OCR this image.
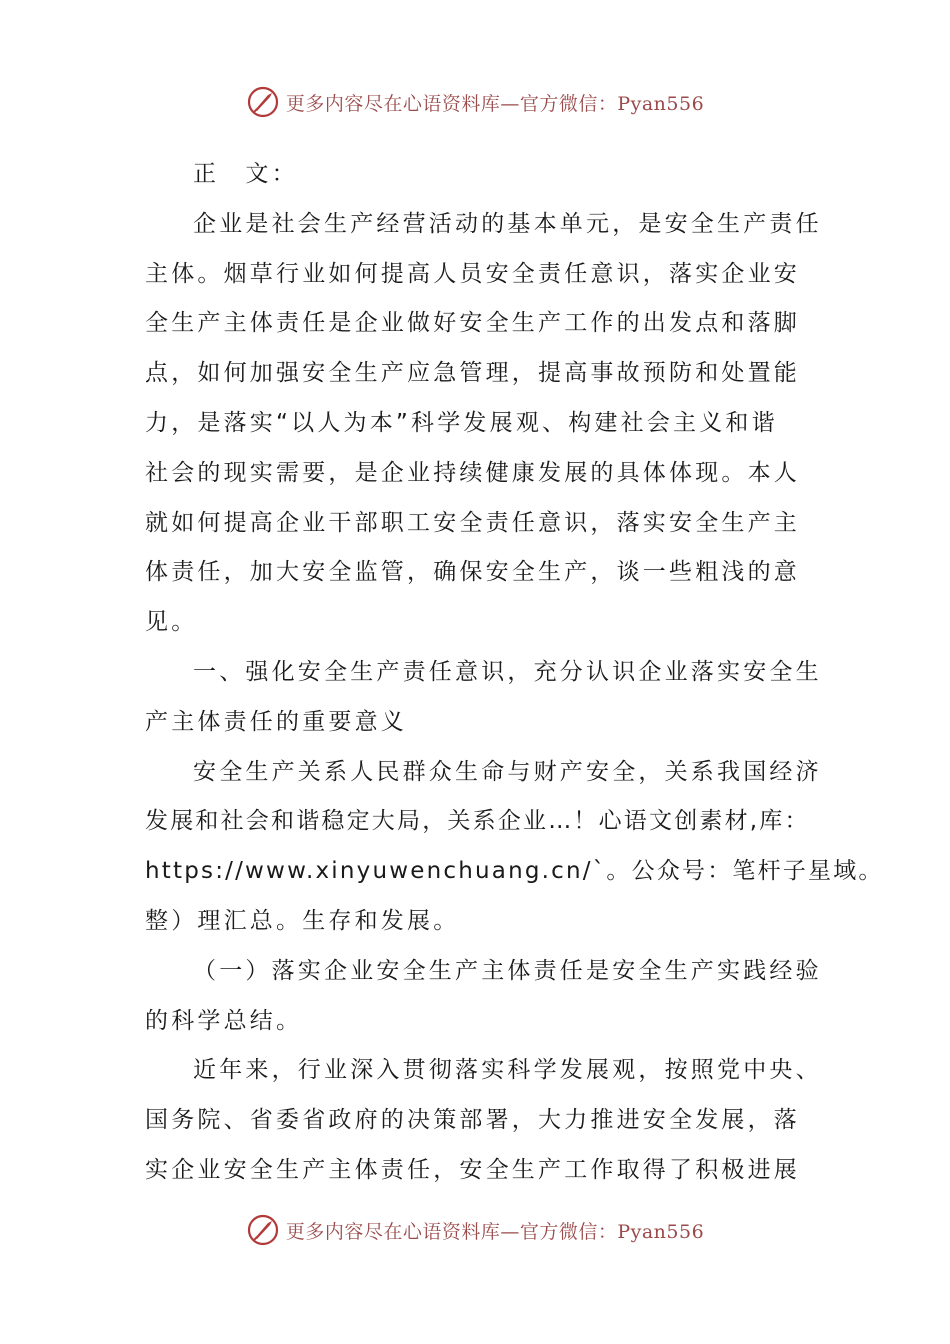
更多内容尽在心语资料库—官方微信：Pyan556
正　文：
企业是社会生产经营活动的基本单元，是安全生产责任
主体。烟草行业如何提高人员安全责任意识，落实企业安
全生产主体责任是企业做好安全生产工作的出发点和落脚
点，如何加强安全生产应急管理，提高事故预防和处置能
力，是落实“以人为本”科学发展观、构建社会主义和谐
社会的现实需要，是企业持续健康发展的具体体现。本人
就如何提高企业干部职工安全责任意识，落实安全生产主
体责任，加大安全监管，确保安全生产，谈一些粗浅的意
见。
一、强化安全生产责任意识，充分认识企业落实安全生
产主体责任的重要意义
安全生产关系人民群众生命与财产安全，关系我国经济
发展和社会和谐稳定大局，关系企业…！心语文创素材,库：
https://www.xinyuwenchuang.cn/`。公众号：笔杆子星域。
整）理汇总。生存和发展。
（一）落实企业安全生产主体责任是安全生产实践经验
的科学总结。
近年来，行业深入贯彻落实科学发展观，按照党中央、
国务院、省委省政府的决策部署，大力推进安全发展，落
实企业安全生产主体责任，安全生产工作取得了积极进展
更多内容尽在心语资料库—官方微信：Pyan556
